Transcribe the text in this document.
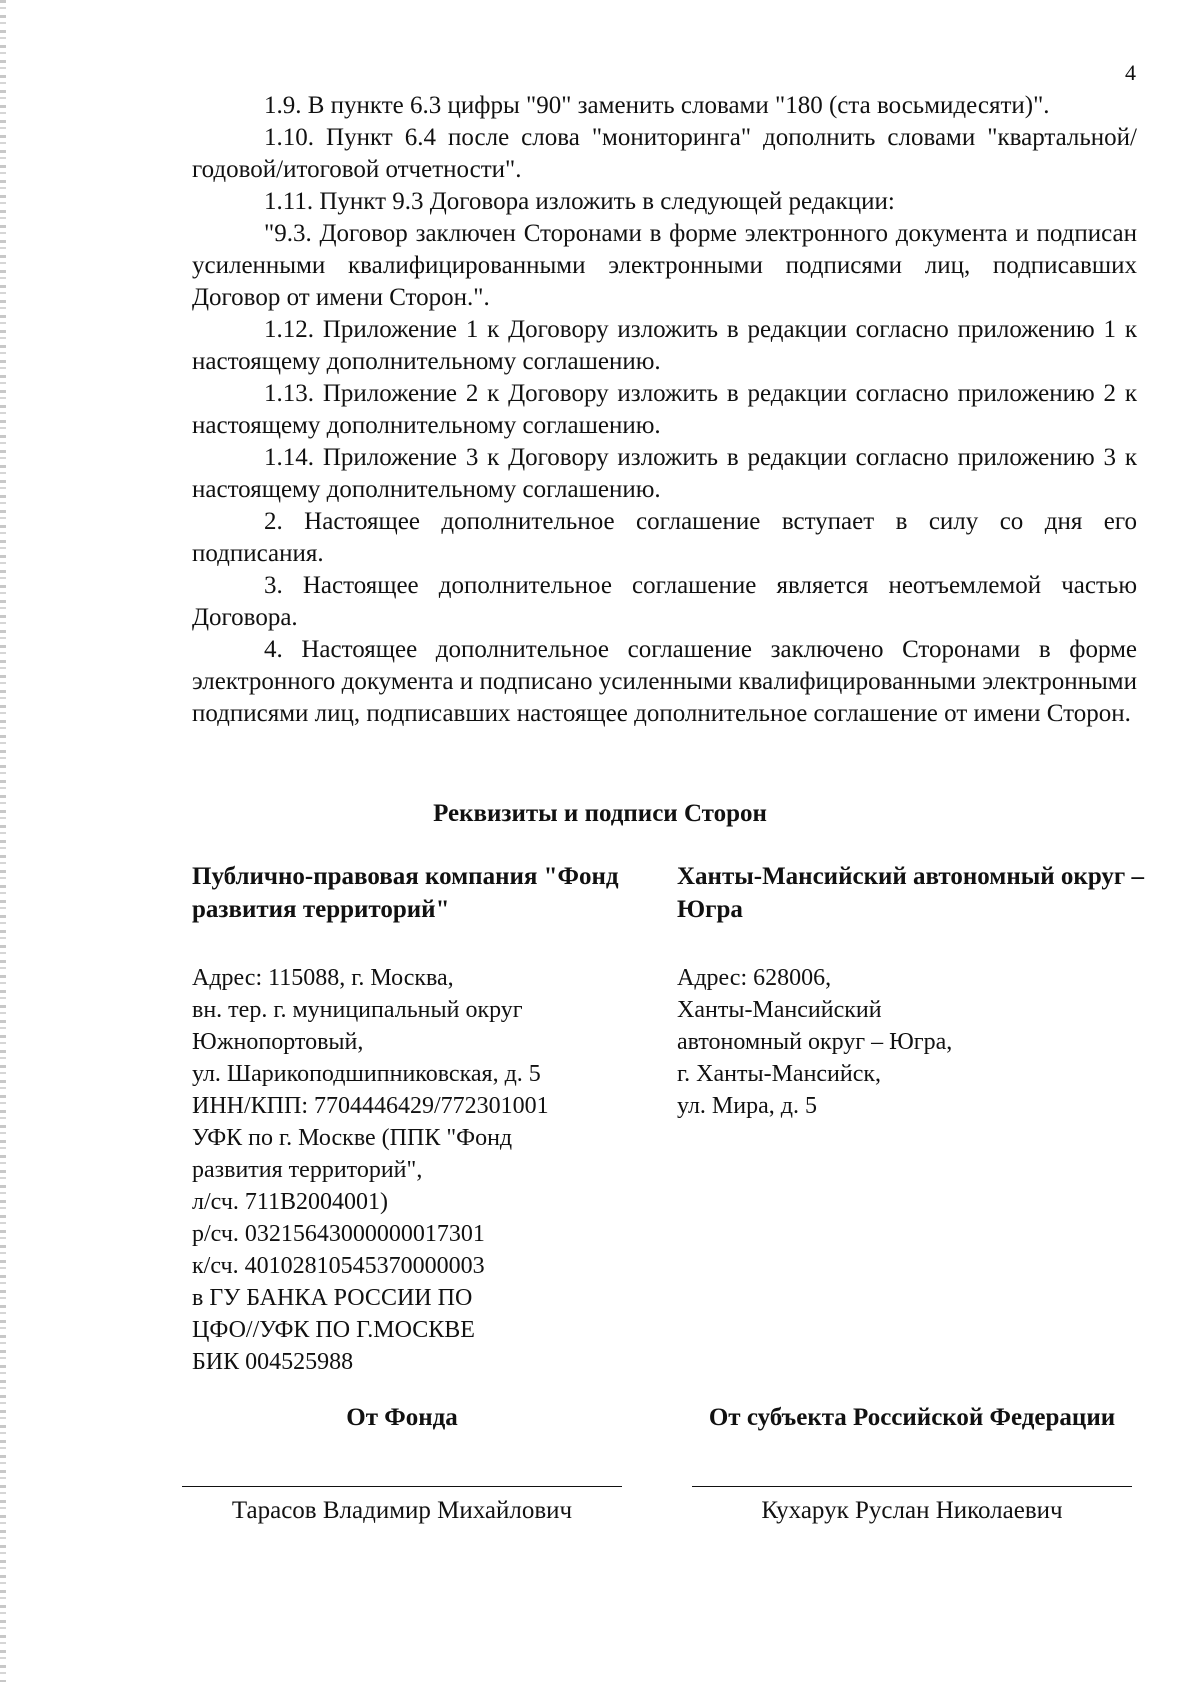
4

1.9. В пункте 6.3 цифры "90" заменить словами "180 (ста восьмидесяти)".

1.10. Пункт 6.4 после слова "мониторинга" дополнить словами "квартальной/годовой/итоговой отчетности".

1.11. Пункт 9.3 Договора изложить в следующей редакции:

"9.3. Договор заключен Сторонами в форме электронного документа и подписан усиленными квалифицированными электронными подписями лиц, подписавших Договор от имени Сторон.".

1.12. Приложение 1 к Договору изложить в редакции согласно приложению 1 к настоящему дополнительному соглашению.

1.13. Приложение 2 к Договору изложить в редакции согласно приложению 2 к настоящему дополнительному соглашению.

1.14. Приложение 3 к Договору изложить в редакции согласно приложению 3 к настоящему дополнительному соглашению.

2. Настоящее дополнительное соглашение вступает в силу со дня его подписания.

3. Настоящее дополнительное соглашение является неотъемлемой частью Договора.

4. Настоящее дополнительное соглашение заключено Сторонами в форме электронного документа и подписано усиленными квалифицированными электронными подписями лиц, подписавших настоящее дополнительное соглашение от имени Сторон.

Реквизиты и подписи Сторон

Публично-правовая компания "Фонд развития территорий"

Адрес: 115088, г. Москва,
вн. тер. г. муниципальный округ
Южнопортовый,
ул. Шарикоподшипниковская, д. 5
ИНН/КПП: 7704446429/772301001
УФК по г. Москве (ППК "Фонд
развития территорий",
л/сч. 711В2004001)
р/сч. 03215643000000017301
к/сч. 40102810545370000003
в ГУ БАНКА РОССИИ ПО
ЦФО//УФК ПО Г.МОСКВЕ
БИК 004525988

Ханты-Мансийский автономный округ – Югра

Адрес: 628006,
Ханты-Мансийский
автономный округ – Югра,
г. Ханты-Мансийск,
ул. Мира, д. 5
От Фонда
Тарасов Владимир Михайлович
От субъекта Российской Федерации
Кухарук Руслан Николаевич
